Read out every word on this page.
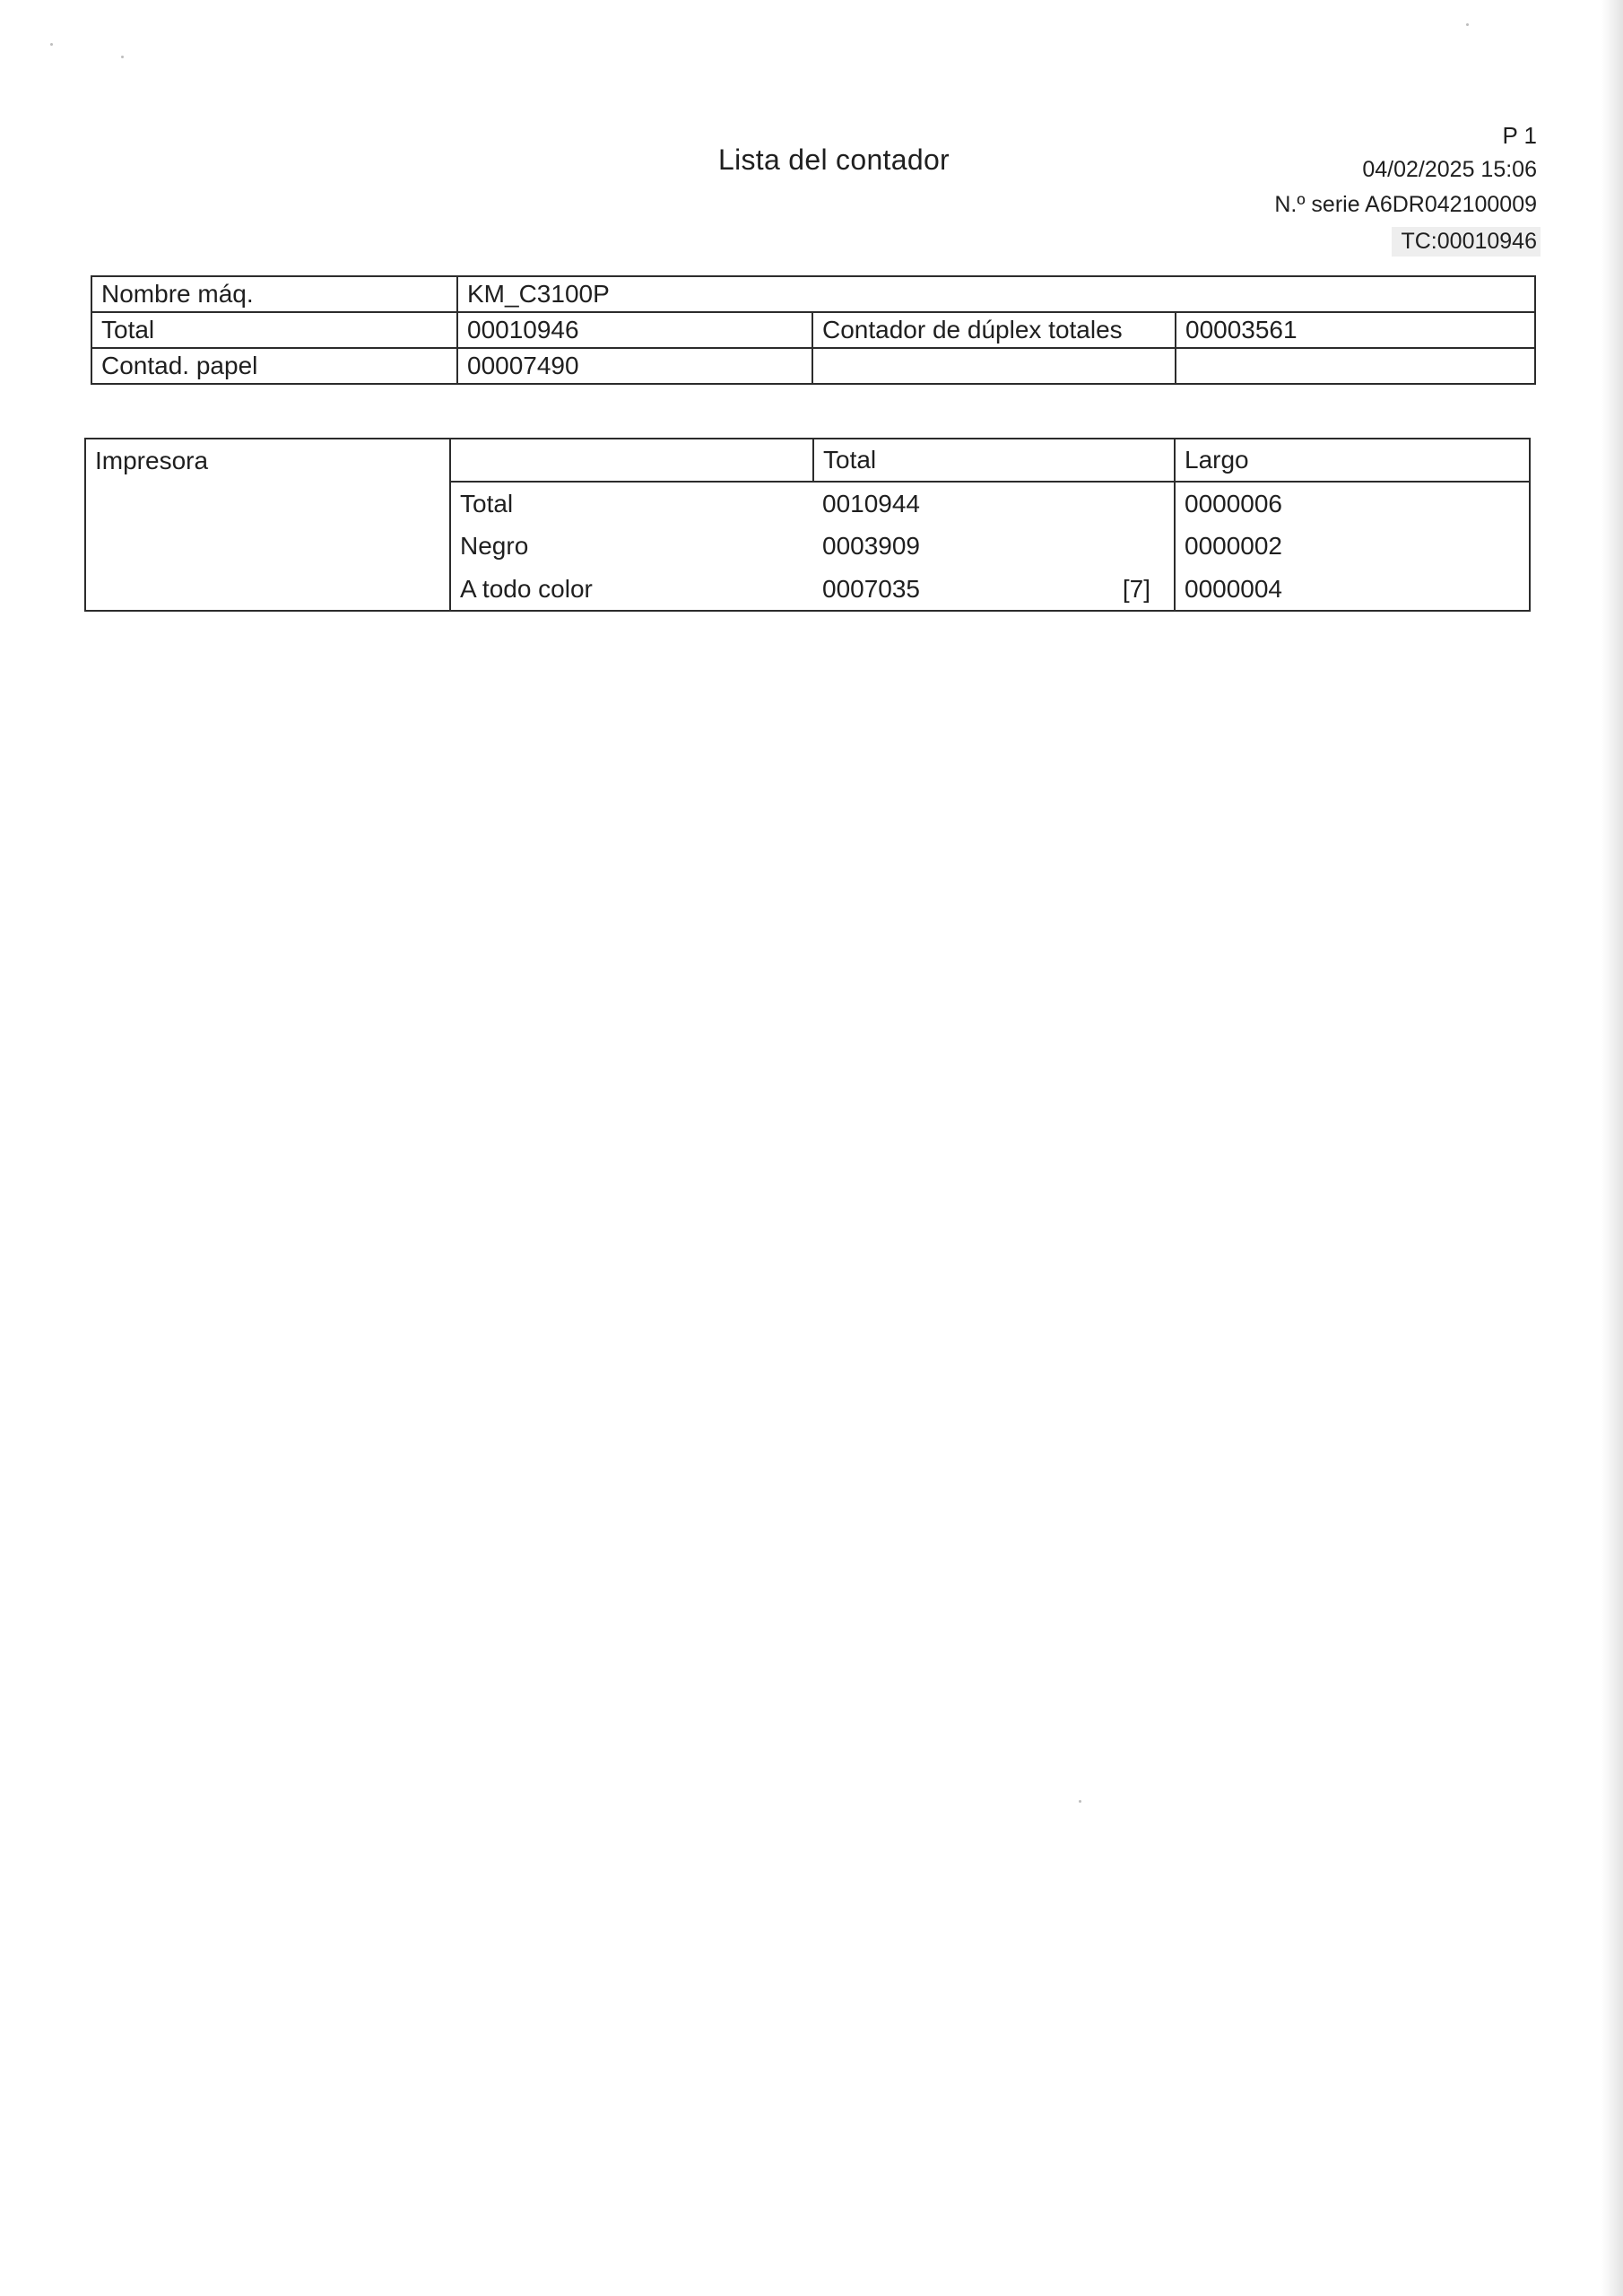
Lista del contador
P 1
04/02/2025 15:06
N.º serie A6DR042100009
TC:00010946
Nombre máq.	KM_C3100P		
Total	00010946	Contador de dúplex totales	00003561
Contad. papel	00007490		
Impresora		Total	Largo
	Total	0010944	0000006
	Negro	0003909	0000002
	A todo color	0007035 [7]	0000004
